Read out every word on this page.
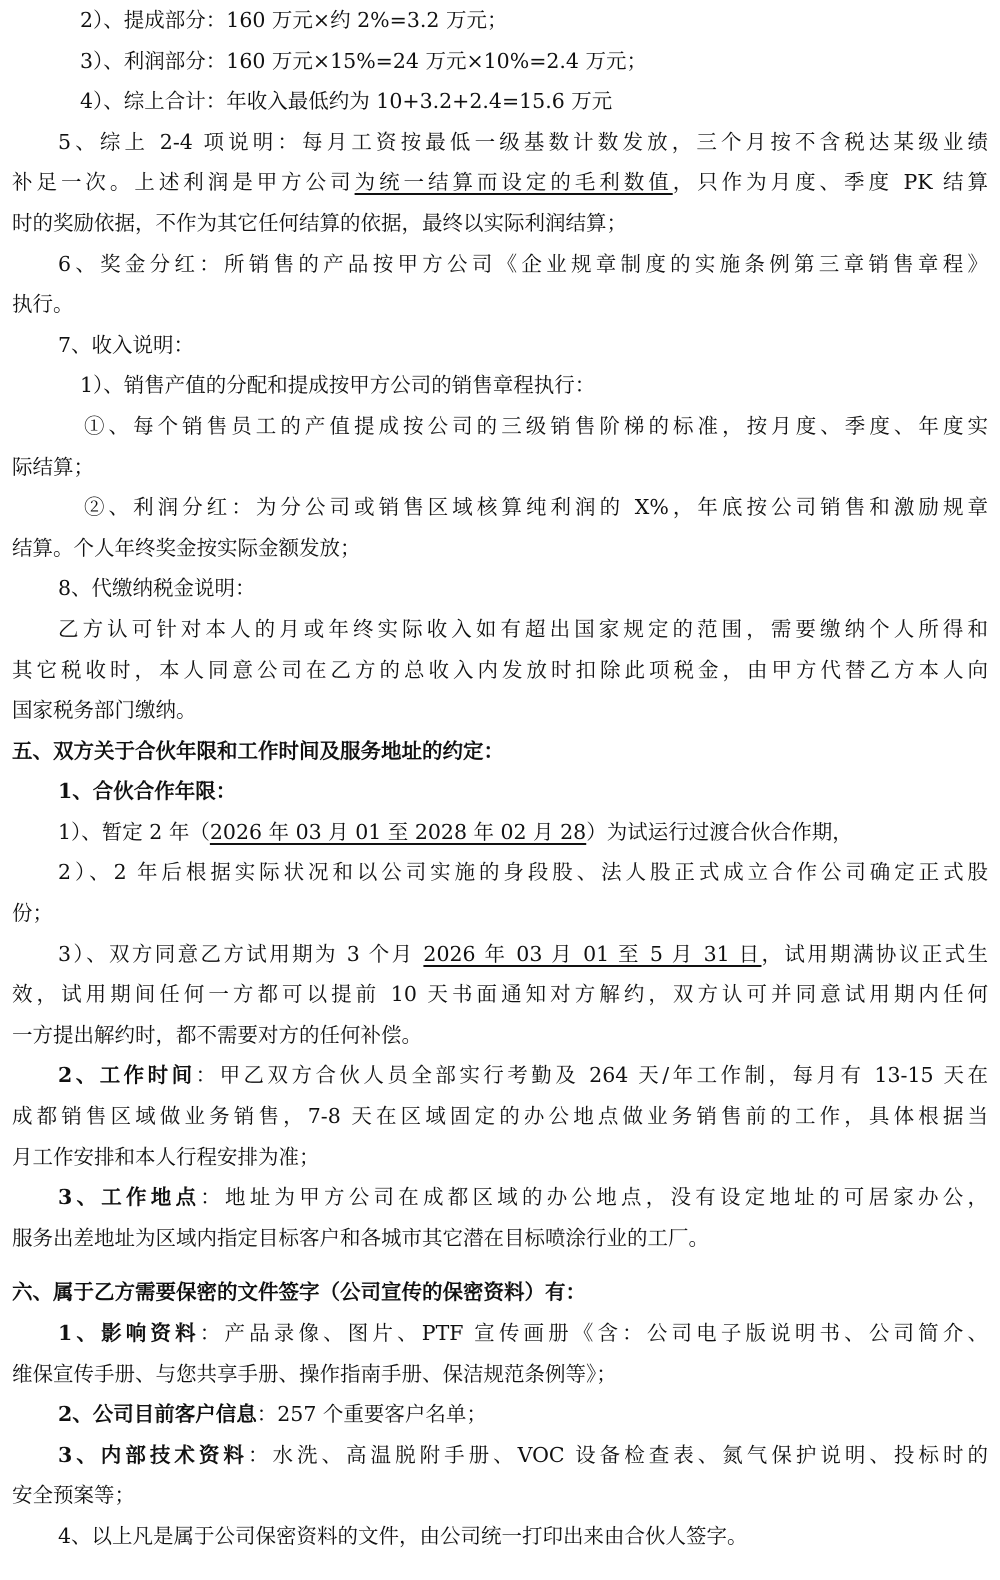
2）、提成部分：160 万元×约 2%=3.2 万元；
3）、利润部分：160 万元×15%=24 万元×10%=2.4 万元；
4）、综上合计：年收入最低约为 10+3.2+2.4=15.6 万元
5、综上 2-4 项说明：每月工资按最低一级基数计数发放，三个月按不含税达某级业绩
补足一次。上述利润是甲方公司为统一结算而设定的毛利数值，只作为月度、季度 PK 结算
时的奖励依据，不作为其它任何结算的依据，最终以实际利润结算；
6、奖金分红：所销售的产品按甲方公司《企业规章制度的实施条例第三章销售章程》
执行。
7、收入说明：
1）、销售产值的分配和提成按甲方公司的销售章程执行：
①、每个销售员工的产值提成按公司的三级销售阶梯的标准，按月度、季度、年度实
际结算；
②、利润分红：为分公司或销售区域核算纯利润的 X%，年底按公司销售和激励规章
结算。个人年终奖金按实际金额发放；
8、代缴纳税金说明：
乙方认可针对本人的月或年终实际收入如有超出国家规定的范围，需要缴纳个人所得和
其它税收时，本人同意公司在乙方的总收入内发放时扣除此项税金，由甲方代替乙方本人向
国家税务部门缴纳。
五、双方关于合伙年限和工作时间及服务地址的约定：
1、合伙合作年限：
1）、暂定 2 年（2026 年 03 月 01 至 2028 年 02 月 28）为试运行过渡合伙合作期，
2）、2 年后根据实际状况和以公司实施的身段股、法人股正式成立合作公司确定正式股
份；
3）、双方同意乙方试用期为 3 个月 2026 年 03 月 01 至 5 月 31 日，试用期满协议正式生
效，试用期间任何一方都可以提前 10 天书面通知对方解约，双方认可并同意试用期内任何
一方提出解约时，都不需要对方的任何补偿。
2、工作时间：甲乙双方合伙人员全部实行考勤及 264 天/年工作制，每月有 13-15 天在
成都销售区域做业务销售，7-8 天在区域固定的办公地点做业务销售前的工作，具体根据当
月工作安排和本人行程安排为准；
3、工作地点：地址为甲方公司在成都区域的办公地点，没有设定地址的可居家办公，
服务出差地址为区域内指定目标客户和各城市其它潜在目标喷涂行业的工厂。
六、属于乙方需要保密的文件签字（公司宣传的保密资料）有：
1、影响资料：产品录像、图片、PTF 宣传画册《含：公司电子版说明书、公司简介、
维保宣传手册、与您共享手册、操作指南手册、保洁规范条例等》；
2、公司目前客户信息：257 个重要客户名单；
3、内部技术资料：水洗、高温脱附手册、VOC 设备检查表、氮气保护说明、投标时的
安全预案等；
4、以上凡是属于公司保密资料的文件，由公司统一打印出来由合伙人签字。
